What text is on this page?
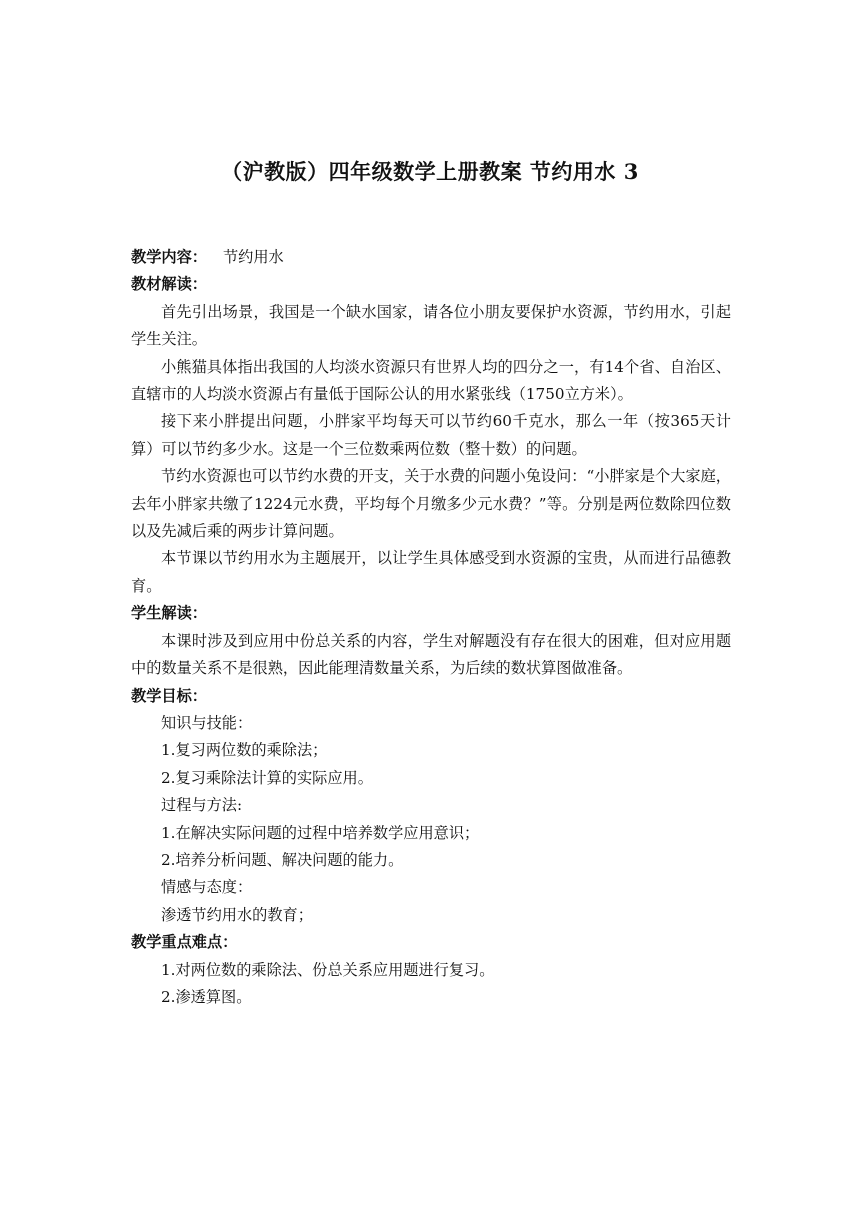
（沪教版）四年级数学上册教案 节约用水 3
教学内容： 节约用水
教材解读：
首先引出场景，我国是一个缺水国家，请各位小朋友要保护水资源，节约用水，引起学生关注。
小熊猫具体指出我国的人均淡水资源只有世界人均的四分之一，有14个省、自治区、直辖市的人均淡水资源占有量低于国际公认的用水紧张线（1750立方米）。
接下来小胖提出问题，小胖家平均每天可以节约60千克水，那么一年（按365天计算）可以节约多少水。这是一个三位数乘两位数（整十数）的问题。
节约水资源也可以节约水费的开支，关于水费的问题小兔设问：“小胖家是个大家庭，去年小胖家共缴了1224元水费，平均每个月缴多少元水费？”等。分别是两位数除四位数以及先减后乘的两步计算问题。
本节课以节约用水为主题展开，以让学生具体感受到水资源的宝贵，从而进行品德教育。
学生解读：
本课时涉及到应用中份总关系的内容，学生对解题没有存在很大的困难，但对应用题中的数量关系不是很熟，因此能理清数量关系，为后续的数状算图做准备。
教学目标：
知识与技能：
1.复习两位数的乘除法；
2.复习乘除法计算的实际应用。
过程与方法:
1.在解决实际问题的过程中培养数学应用意识；
2.培养分析问题、解决问题的能力。
情感与态度：
渗透节约用水的教育；
教学重点难点：
1.对两位数的乘除法、份总关系应用题进行复习。
2.渗透算图。
